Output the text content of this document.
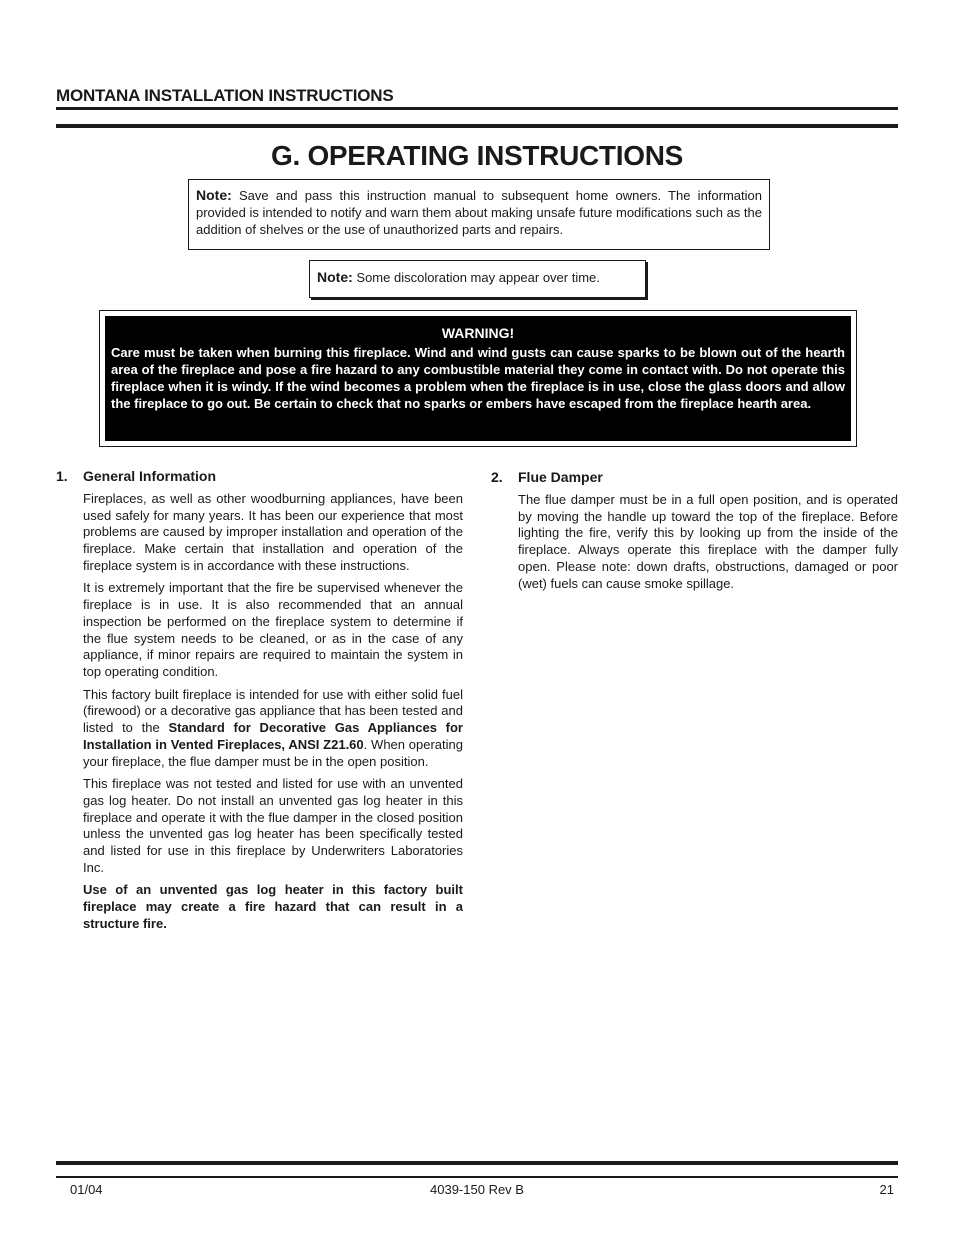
MONTANA INSTALLATION INSTRUCTIONS
G. OPERATING INSTRUCTIONS
Note: Save and pass this instruction manual to subsequent home owners. The information provided is intended to notify and warn them about making unsafe future modifications such as the addition of shelves or the use of unauthorized parts and repairs.
Note: Some discoloration may appear over time.
WARNING!
Care must be taken when burning this fireplace. Wind and wind gusts can cause sparks to be blown out of the hearth area of the fireplace and pose a fire hazard to any combustible material they come in contact with. Do not operate this fireplace when it is windy. If the wind becomes a problem when the fireplace is in use, close the glass doors and allow the fireplace to go out. Be certain to check that no sparks or embers have escaped from the fireplace hearth area.
1.	General Information

Fireplaces, as well as other woodburning appliances, have been used safely for many years. It has been our experience that most problems are caused by improper installation and operation of the fireplace. Make certain that installation and operation of the fireplace system is in accordance with these instructions.

It is extremely important that the fire be supervised whenever the fireplace is in use. It is also recommended that an annual inspection be performed on the fireplace system to determine if the flue system needs to be cleaned, or as in the case of any appliance, if minor repairs are required to maintain the system in top operating condition.

This factory built fireplace is intended for use with either solid fuel (firewood) or a decorative gas appliance that has been tested and listed to the Standard for Decorative Gas Appliances for Installation in Vented Fireplaces, ANSI Z21.60. When operating your fireplace, the flue damper must be in the open position.

This fireplace was not tested and listed for use with an unvented gas log heater. Do not install an unvented gas log heater in this fireplace and operate it with the flue damper in the closed position unless the unvented gas log heater has been specifically tested and listed for use in this fireplace by Underwriters Laboratories Inc.

Use of an unvented gas log heater in this factory built fireplace may create a fire hazard that can result in a structure fire.

2.	Flue Damper

The flue damper must be in a full open position, and is operated by moving the handle up toward the top of the fireplace. Before lighting the fire, verify this by looking up from the inside of the fireplace. Always operate this fireplace with the damper fully open. Please note: down drafts, obstructions, damaged or poor (wet) fuels can cause smoke spillage.

01/04	4039-150 Rev B	21
